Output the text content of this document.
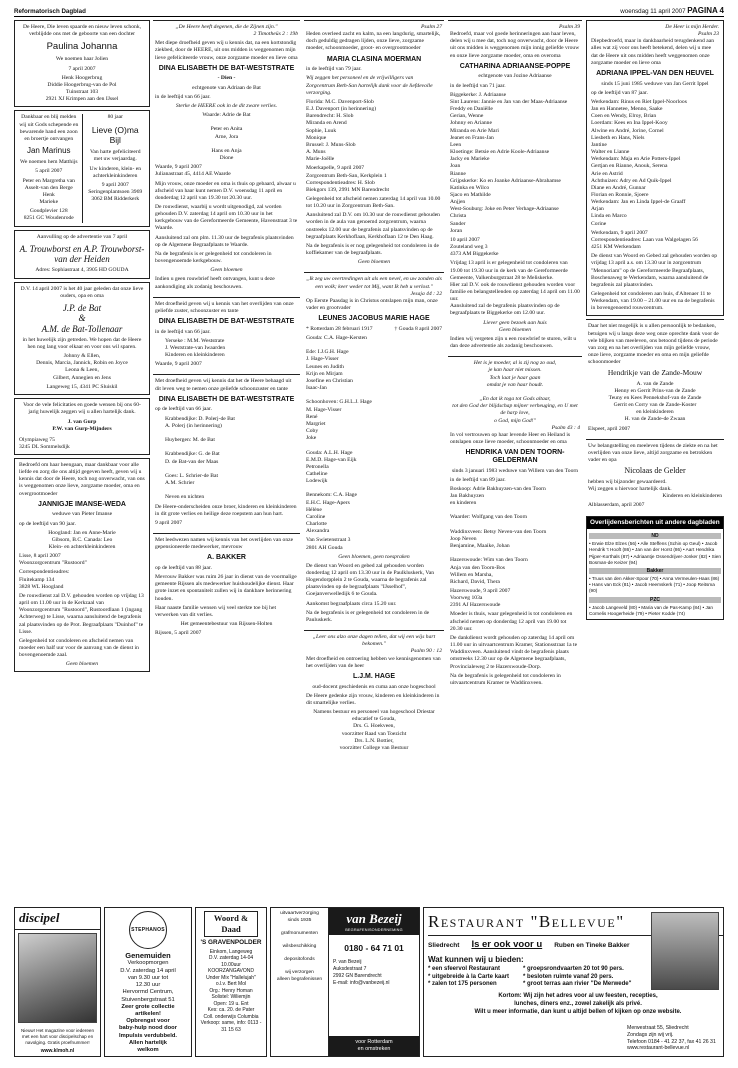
Reformatorisch Dagblad	woensdag 11 april 2007 PAGINA 4
De Heere, Die leven spaarde en nieuw leven schonk, verblijdde ons met de geboorte van een dochter
Paulina Johanna
We noemen haar Jolien
7 april 2007
Henk Hoogerbrug
Diddie Hoogerbrug-van de Pol
Tuinstraat 103
2921 XJ Krimpen aan den IJssel
Dankbaar en blij melden wij uit Gods schepende en bewarende hand een zoon en broertje ontvangen
Jan Marinus
We noemen hem Matthijs
5 april 2007
Peter en Margretha van Asselt-van den Berge
Henk
Marieke
Goudplevier 128
8251 GC Woudenrode
80 jaar
Lieve (O)ma Bijl
Van harte gefeliciteerd met uw verjaardag.
Uw kinderen, klein- en achterkleinkinderen
9 april 2007
Seringenplantsoen 3969
3062 BM Ridderkerk
Aanvulling op de advertentie van 7 april
A. Trouwborst en A.P. Trouwborst-van der Heiden
Adres: Sophiastraat 4, 3905 HD GOUDA
D.V. 14 april 2007 is het 40 jaar geleden dat onze lieve ouders, opa en oma
J.P. de Bat
&
A.M. de Bat-Tollenaar
in het huwelijk zijn getreden. We hopen dat de Heere hen nog lang voor elkaar en voor ons wil sparen.
Johnny & Ellen,
Dennis, Marcia, Jannick, Robin en Joyce
Leona & Leen,
Gilbert, Annegien en Jens
Langeweg 15, 4341 PC Sluiskil
Voor de vele felicitaties en goede wensen bij ons 60-jarig huwelijk zeggen wij u allen hartelijk dank.
J. van Gurp
P.W. van Gurp-Mijnders
Olympiaweg 75
3245 DL Sommelsdijk
Bedroefd om haar heengaan, maar dankbaar voor alle liefde en zorg die ons altijd gegeven heeft, geven wij u kennis dat door de Heere, toch nog onverwacht, van ons is weggenomen onze lieve, zorgzame moeder, oma en overgrootmoeder
JANNIGJE IMANSE-WEDA
weduwe van Pieter Imanse
op de leeftijd van 90 jaar.
Hoogland: Jan en Anne-Marie
Gibsom, B.C. Canada: Leo
Klein- en achterkleinkinderen
Lisse, 8 april 2007
Woonzorgcentrum "Rustoord"
Correspondentieadres:
Fluitekamp 134
3828 WL Hoogland
De rouwdienst zal D.V. gehouden worden op vrijdag 13 april om 11.00 uur in de Kerkzaal van Woonzorgcentrum "Rustoord", Rustoordlaan 1 (ingang Achterweg) te Lisse, waarna aansluitend de begrafenis zal plaatsvinden op de Prot. Begraafplaats "Duinhof" te Lisse.
Gelegenheid tot condoleren en afscheid nemen van moeder een half uur voor de aanvang van de dienst in bovengenoemde zaal.
Geen bloemen
„De Heere heeft degenen, die de Zijnen zijn."
2 Timotheüs 2 : 19b
Met diepe droefheid geven wij u kennis dat, na een kortstondig ziekbed, door de HEERE, uit ons midden is weggenomen mijn lieve gefeliciteerde vrouw, onze zorgzame moeder en lieve oma
DINA ELISABETH DE BAT-WESTSTRATE
- Dien -
echtgenote van Adriaan de Bat
in de leeftijd van 66 jaar.
Sterke de HEERE ook in de dit zware verlies.
Waarde: Adrie de Bat

Peter en Anita
Arne, Jora

Hans en Anja
Dione
Waarde, 9 april 2007
Julianastraat 45, 4414 AE Waarde
Mijn vrouw, onze moeder en oma is thuis op gebaard, alwaar u afscheid van haar kunt nemen D.V. woensdag 11 april en donderdag 12 april van 19.30 tot 20.30 uur.
De rouwdienst, waarbij u wordt uitgenodigd, zal worden gehouden D.V. zaterdag 14 april om 10.30 uur in het kerkgebouw van de Gereformeerde Gemeente, Havenstraat 3 te Waarde.
Aansluitend zal om plm. 11.30 uur de begrafenis plaatsvinden op de Algemene Begraafplaats te Waarde.
Na de begrafenis is er gelegenheid tot condoleren in bovengenoemde kerkgebouw.
Geen bloemen
Indien u geen rouwbrief heeft ontvangen, kunt u deze aankondiging als zodanig beschouwen.
Met droefheid geven wij u kennis van het overlijden van onze geliefde zuster, schoonzuster en tante
DINA ELISABETH DE BAT-WESTSTRATE
in de leeftijd van 66 jaar.
Yerseke : M.M. Weststrate
J. Weststrate-van Iwaarden
Kinderen en kleinkinderen
Waarde, 9 april 2007
Met droefheid geven wij kennis dat het de Heere behaagd uit dit leven weg te nemen onze geliefde schoonzuster en tante
DINA ELISABETH DE BAT-WESTSTRATE
op de leeftijd van 66 jaar.
Krabbendijke: D. Polerj-de Bat
A. Polerj (in herinnering)

Huybergen: M. de Bat

Krabbendijke: G. de Bat
D. de Bat-van der Maas

Goes: L. Schrier-de Bat
A.M. Schrier

Neven en nichten
De Heere-onderscheiden onze broer, kinderen en kleinkinderen in dit grote verlies en heilige deze roepstem aan hun hart.
9 april 2007
Met leedwezen namen wij kennis van het overlijden van onze gepensioneerde medewerker, mevrouw
A. BAKKER
op de leeftijd van 88 jaar.
Mevrouw Bakker was ruim 26 jaar in dienst van de voormalige gemeente Rijssen als medewerker huishoudelijke dienst. Haar grote inzet en spontaniteit zullen wij in dankbare herinnering houden.
Haar naaste familie wensen wij veel sterkte toe bij het verwerken van dit verlies.
Het gemeentebestuur van Rijssen-Holten
Rijssen, 5 april 2007
Psalm 27
Heden overleed zacht en kalm, na een langdurig, smartelijk, doch geduldig gedragen lijden, onze lieve, zorgzame moeder, schoonmoeder, groot- en overgrootmoeder
MARIA CLASINA MOERMAN
in de leeftijd van 79 jaar.
Wij zeggen het personeel en de vrijwilligers van Zorgcentrum Beth-San hartelijk dank voor de liefdevolle verzorging.
Florida: M.C. Davenport-Slob
E.J. Davenport (in herinnering)
Barendrecht: H. Slob
Miranda en Arend
Sophie, Luuk
Monique
Brussel: J. Muns-Slob
A. Muns
Marie-Joëlle
Moerkapelle, 9 april 2007
Zorgcentrum Beth-San, Kerkplein 1
Correspondentieadres: H. Slob
Biekgors 139, 2991 MN Barendrecht
Gelegenheid tot afscheid nemen zaterdag 14 april van 10.00 tot 10.20 uur in Zorgcentrum Beth-San.
Aansluitend zal D.V. om 10.30 uur de rouwdienst gehouden worden in de aula van genoemd zorgcentrum, waarna onstreeks 12.00 uur de begrafenis zal plaatsvinden op de begraafplaats Kerkhoflaan, Kerkhoflaan 12 te Den Haag.
Na de begrafenis is er nog gelegenheid tot condoleren in de koffiekamer van de begraafplaats.
Geen bloemen
„Ik zeg uw overtredingen uit als een nevel, en uw zonden als een wolk; keer weder tot Mij, want Ik heb u verlost."
Jesaja 44 : 22
Op Eerste Paasdag is in Christus ontslapen mijn man, onze vader en grootvader
LEUNES JACOBUS MARIE HAGE
* Rotterdam 28 februari 1917	† Gouda 8 april 2007
Gouda: C.A. Hage-Kersten

Ede: I.J.G.H. Hage
J. Hage-Visser
Leunes en Judith
Krijn en Mirjam
Josefine en Christian
Isaac-Jan

Schoonhoven: G.H.L.J. Hage
M. Hage-Visser
René
Margriet
Coby
Joke

Gouda: A.L.H. Hage
E.M.D. Hage-van Eijk
Petronella
Catheline
Lodewijk

Bennekom: C.A. Hage
E.H.C. Hage-Apers
Hélène
Caroline
Charlotte
Alexandra
Van Swietenstraat 3
2801 AH Gouda
Geen bloemen, geen toespraken
De dienst van Woord en gebed zal gehouden worden donderdag 12 april om 13.30 uur in de Paulkluskerk, Van Hogendorpplein 2 te Gouda, waarna de begrafenis zal plaatsvinden op de begraafplaats "IJsselhof", Goejanverwelledijk 6 te Gouda.
Aankomst begraafplaats circa 15.20 uur.
Na de begrafenis is er gelegenheid tot condoleren in de Pauluskerk.
„Leer ons alzo onze dagen tellen, dat wij een wijs hart bekomen."
Psalm 90 : 12
Met droefheid en ontroering hebben we kennisgenomen van het overlijden van de heer
L.J.M. HAGE
oud-docent geschiedenis en cuma aan onze hogeschool
De Heere gedenke zijn vrouw, kinderen en kleinkinderen in dit smartelijke verlies.
Namens bestuur en personeel van hogeschool Driestar educatief te Gouda,
Drs. G. Hoekveen,
voorzitter Raad van Toezicht
Drs. L.N. Bottier,
voorzitter College van Bestuur
Psalm 39
Bedroefd, maar vol goede herinneringen aan haar leven, delen wij u mee dat, toch nog onverwacht, door de Heere uit ons midden is weggenomen mijn innig geliefde vrouw en onze lieve zorgzame moeder, oma en overoma
CATHARINA ADRIAANSE-POPPE
echtgenote van Jozine Adriaanse
in de leeftijd van 71 jaar.
Biggekerke: J. Adriaanse
Sint Laurens: Jannie en Jan van der Maas-Adriaanse
Freddy en Daniëlle
Gerian, Wenne
Johnny en Arianne
Miranda en Arie Mari
Jeanet en Frans-Jan
Leen
Kloetinge: Betsie en Adrie Koole-Adriaanse
Jacky en Marieke
Joan
Rianne
Grijpskerke: Ko en Joanke Adriaanse-Abrahamse
Katinka en Wilco
Sjaco en Mathilde
Anjjen
West-Souburg: Joke en Peter Verhage-Adriaanse
Christa
Sander
Joran
10 april 2007
Zouteland weg 3
4373 AM Biggekerke
Vrijdag 13 april is er gelegenheid tot condoleren van 19.00 tot 19.30 uur in de kerk van de Gereformeerde Gemeente, Valkenburgstraat 28 te Meliskerke.
Hier zal D.V. ook de rouwdienst gehouden worden voor familie en belangstellenden op zaterdag 14 april om 11.00 uur.
Aansluitend zal de begrafenis plaatsvinden op de begraafplaats te Biggekerke om 12.00 uur.
Liever geen bezoek aan huis
Geen bloemen
Indien wij vergeten zijn u een rouwbrief te sturen, wilt u dan deze advertentie als zodanig beschouwen.
Het is je moeder, al is zij nog zo oud,
je kan haar niet missen.
Toch laat je haar gaan
omdat je van haar houdt.

„En dat ik toga tot Gods altaar,
tot den God der blijdschap mijner verheuging, en U met de harp love,
o God, mijn God!"
Psalm 43 : 4
In vol vertrouwen op haar levende Heer en Heiland is ontslapen onze lieve moeder, schoonmoeder en oma
HENDRIKA VAN DEN TOORN-GELDERMAN
sinds 3 januari 1983 weduwe van Willem van den Toorn
in de leeftijd van 89 jaar.
Boskoop: Adrie Bakhuyzen-van den Toorn
Jan Bakhuyzen
en kinderen

Waarder: Wolfgang van den Toorn

Waddinxveen: Betsy Neven-van den Toorn
Joop Neven
Benjamine, Maaike, Johan

Hazerswoude: Wim van den Toorn
Anja van den Toorn-Bos
Willem en Marsha,
Richard, David, Thera
Hazerswoude, 9 april 2007
Voorweg 103a
2391 AJ Hazerswoude
Moeder is thuis, waar gelegenheid is tot condoleren en afscheid nemen op donderdag 12 april van 19.00 tot 20.30 uur.
De dankdienst wordt gehouden op zaterdag 14 april om 11.00 uur in uitvaartcentrum Kramer, Stationsstraat 1a te Waddinxveen. Aansluitend vindt de begrafenis plaats omstreeks 12.30 uur op de Algemene begraafplaats, Provincialeweg 2 te Hazerswoude-Dorp.
Na de begrafenis is gelegenheid tot condoleren in uitvaartcentrum Kramer te Waddinxveen.
De Heer is mijn Herder.
Psalm 23
Diepbedroefd, maar in dankbaarheid terugdenkend aan alles wat zij voor ons heeft betekend, delen wij u mee dat de Heere uit ons midden heeft weggenomen onze zorgzame moeder en lieve oma
ADRIANA IPPEL-VAN DEN HEUVEL
sinds 15 juni 1985 weduwe van Jan Gerrit Ippel
op de leeftijd van 87 jaar.
Werkendam: Rinus en Riet Ippel-Noorloos
Jan en Hannetee, Menno, Saake
Coen en Wendy, Elroy, Brian
Loerdam: Kees en Ina Ippel-Kooy
Alwine en André, Jorine, Cornel
Liesbeth en Hans, Niels
Jantine
Walter en Lianne
Werkendam: Maja en Arie Potters-Ippel
Gertjan en Rianne, Anouk, Serena
Arie en Astrid
Achthuizen: Adry en Ad Quik-Ippel
Diane en André, Gunnar
Florian en Ronnie, Sjoere
Werkendam: Jan en Linda Ippel-de Graaff
Arjan
Linda en Marco
Corine
Werkendam, 9 april 2007
Correspondentieadres: Laan van Walgelagen 56
4251 KM Werkendam
De dienst van Woord en Gebed zal gehouden worden op vrijdag 13 april a.s. om 13.30 uur in zorgcentrum "Mennoriam" op de Gereformeerde Begraafplaats, Boschenaweg te Werkendam, waarna aansluitend de begrafenis zal plaatsvinden.
Gelegenheid tot condoleren aan huis, d'Altenaer 11 te Werkendam, van 19.00 – 21.00 uur en na de begrafenis in bovengenoemd rouwcentrum.
Daar het niet mogelijk is u allen persoonlijk te bedanken, betuigen wij u langs deze weg onze oprechte dank voor de vele blijken van meeleven, ons betoond tijdens de periode van zorg en na het overlijden van mijn geliefde vrouw, onze lieve, zorgzame moeder en oma en mijn geliefde schoonmoeder
Hendrikje van de Zande-Mouw
A. van de Zande
Henny en Gerrit Prins-van de Zande
Teuny en Kees Pennekshof-van de Zande
Gerrit en Corry van de Zande-Koster
en kleinkinderen
H. van de Zande-de Zwaan
Elspeet, april 2007
Uw belangstelling en meeleven tijdens de ziekte en na het overlijden van onze lieve, altijd zorgzame en betrokken vader en opa
Nicolaas de Gelder
hebben wij bijzonder gewaardeerd.
Wij zeggen u hiervoor hartelijk dank.
Kinderen en kleinkinderen
Alblasserdam, april 2007
Overlijdensberichten uit andere dagbladen
ND
• Erwie Elze Elzes (56) • Alle Steffens (Schin op Geul) • Jacob Hendrik 't Hooft (86) • Jan van der Horst (86) • Aart Hendrika Pijper-Korthals (87) • Adriaantje Ossendrijver-Jonker (82) • Sien Bosman-de Keizer (94)
Bakker
• Truus van den Akker-Spoor (70) • Anna Vermeulen-Haas (86) • Hans van Eck (81) • Jacob Heemskerk (71) • Joop Reitsma (90)
PZC
• Jacob Langeveld (80) • Maria van de Pas-Kamp (84) • Jan Cornelis Hoogerheide (79) • Pieter Kodde (74)
discipel
Nieuw! Het magazine voor iedereen met een hart voor discipelschap en navolging. Gratis proefnummer!
www.klmoh.nl
STEPHANOS
Genemuiden
Verkoopmorgen
D.V. zaterdag 14 april
van 9.30 uur tot
12.30 uur
Hervormd Centrum,
Stuivenbergstraat 51
Zeer grote collectie
artikelen!
Opbrengst voor
baby-hulp nood door
Impulsis verdubbeld.
Allen hartelijk
welkom
Woord & Daad
'S GRAVENPOLDER
Einkom, Langeweg
D.V. zaterdag 14-04
10.00uur
KOORZANGAVOND
Under Mix "Hallelujah"
o.l.v. Bert Mol
Org.: Henry Homan
Solistel: Wiliemjin
Open: 19 u. Ent
Kes: ca. 20. de Pater
Coll. onderwijs Columbia
Verkoop: same, info: 0113 - 31 15 63
uitvaartverzorging
sinds 1935

grafmonumenten

wilsbeschikking

depositofonds

wij verzorgen
alleen begrafenissen
van Bezeij
BEGRAFENISONDERNEMING
0180 - 64 71 01
P. van Bezeij
Auksdestraat 7
2992 GN Barendrecht
E-mail: info@vanbezeij.nl
voor Rotterdam
en omstreken
Restaurant "Bellevue"
Sliedrecht Is er ook voor u Ruben en Tineke Bakker
Wat kunnen wij u bieden:
* een sfeervol Restaurant
* uitgebreide à la Carte kaart
* zalen tot 175 personen
* groepsrondvaarten 20 tot 90 pers.
* besloten ruimte vanaf 20 pers.
* groot terras aan rivier "De Merwede"
Kortom: Wij zijn het adres voor al uw feesten, recepties,
lunches, diners enz., zowel zakelijk als privé.
Wilt u meer informatie, dan kunt u altijd bellen of kijken op onze website.
Merwestraat 55, Sliedrecht
Zondags zijn wij vrij.
Telefoon 0184 - 41 22 37, fax 41 26 31
www.restaurant-bellevue.nl
